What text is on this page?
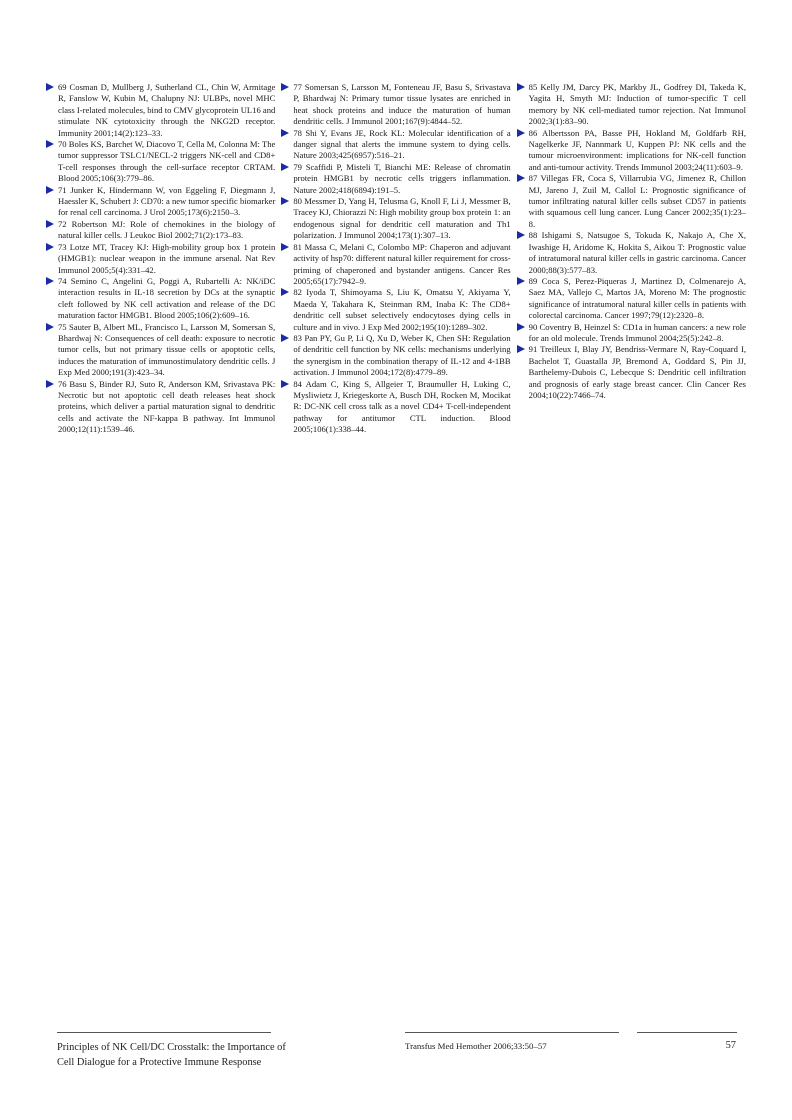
69 Cosman D, Mullberg J, Sutherland CL, Chin W, Armitage R, Fanslow W, Kubin M, Chalupny NJ: ULBPs, novel MHC class I-related molecules, bind to CMV glycoprotein UL16 and stimulate NK cytotoxicity through the NKG2D receptor. Immunity 2001;14(2):123–33.

70 Boles KS, Barchet W, Diacovo T, Cella M, Colonna M: The tumor suppressor TSLC1/NECL-2 triggers NK-cell and CD8+ T-cell responses through the cell-surface receptor CRTAM. Blood 2005;106(3):779–86.

71 Junker K, Hindermann W, von Eggeling F, Diegmann J, Haessler K, Schubert J: CD70: a new tumor specific biomarker for renal cell carcinoma. J Urol 2005;173(6):2150–3.

72 Robertson MJ: Role of chemokines in the biology of natural killer cells. J Leukoc Biol 2002;71(2):173–83.

73 Lotze MT, Tracey KJ: High-mobility group box 1 protein (HMGB1): nuclear weapon in the immune arsenal. Nat Rev Immunol 2005;5(4):331–42.

74 Semino C, Angelini G, Poggi A, Rubartelli A: NK/iDC interaction results in IL-18 secretion by DCs at the synaptic cleft followed by NK cell activation and release of the DC maturation factor HMGB1. Blood 2005;106(2):609–16.

75 Sauter B, Albert ML, Francisco L, Larsson M, Somersan S, Bhardwaj N: Consequences of cell death: exposure to necrotic tumor cells, but not primary tissue cells or apoptotic cells, induces the maturation of immunostimulatory dendritic cells. J Exp Med 2000;191(3):423–34.

76 Basu S, Binder RJ, Suto R, Anderson KM, Srivastava PK: Necrotic but not apoptotic cell death releases heat shock proteins, which deliver a partial maturation signal to dendritic cells and activate the NF-kappa B pathway. Int Immunol 2000;12(11):1539–46.

77 Somersan S, Larsson M, Fonteneau JF, Basu S, Srivastava P, Bhardwaj N: Primary tumor tissue lysates are enriched in heat shock proteins and induce the maturation of human dendritic cells. J Immunol 2001;167(9):4844–52.

78 Shi Y, Evans JE, Rock KL: Molecular identification of a danger signal that alerts the immune system to dying cells. Nature 2003;425(6957):516–21.

79 Scaffidi P, Misteli T, Bianchi ME: Release of chromatin protein HMGB1 by necrotic cells triggers inflammation. Nature 2002;418(6894):191–5.

80 Messmer D, Yang H, Telusma G, Knoll F, Li J, Messmer B, Tracey KJ, Chiorazzi N: High mobility group box protein 1: an endogenous signal for dendritic cell maturation and Th1 polarization. J Immunol 2004;173(1):307–13.

81 Massa C, Melani C, Colombo MP: Chaperon and adjuvant activity of hsp70: different natural killer requirement for cross-priming of chaperoned and bystander antigens. Cancer Res 2005;65(17):7942–9.

82 Iyoda T, Shimoyama S, Liu K, Omatsu Y, Akiyama Y, Maeda Y, Takahara K, Steinman RM, Inaba K: The CD8+ dendritic cell subset selectively endocytoses dying cells in culture and in vivo. J Exp Med 2002;195(10):1289–302.

83 Pan PY, Gu P, Li Q, Xu D, Weber K, Chen SH: Regulation of dendritic cell function by NK cells: mechanisms underlying the synergism in the combination therapy of IL-12 and 4-1BB activation. J Immunol 2004;172(8):4779–89.

84 Adam C, King S, Allgeier T, Braumuller H, Luking C, Mysliwietz J, Kriegeskorte A, Busch DH, Rocken M, Mocikat R: DC-NK cell cross talk as a novel CD4+ T-cell-independent pathway for antitumor CTL induction. Blood 2005;106(1):338–44.

85 Kelly JM, Darcy PK, Markby JL, Godfrey DI, Takeda K, Yagita H, Smyth MJ: Induction of tumor-specific T cell memory by NK cell-mediated tumor rejection. Nat Immunol 2002;3(1):83–90.

86 Albertsson PA, Basse PH, Hokland M, Goldfarb RH, Nagelkerke JF, Nannmark U, Kuppen PJ: NK cells and the tumour microenvironment: implications for NK-cell function and anti-tumour activity. Trends Immunol 2003;24(11):603–9.

87 Villegas FR, Coca S, Villarrubia VG, Jimenez R, Chillon MJ, Jareno J, Zuil M, Callol L: Prognostic significance of tumor infiltrating natural killer cells subset CD57 in patients with squamous cell lung cancer. Lung Cancer 2002;35(1):23–8.

88 Ishigami S, Natsugoe S, Tokuda K, Nakajo A, Che X, Iwashige H, Aridome K, Hokita S, Aikou T: Prognostic value of intratumoral natural killer cells in gastric carcinoma. Cancer 2000;88(3):577–83.

89 Coca S, Perez-Piqueras J, Martinez D, Colmenarejo A, Saez MA, Vallejo C, Martos JA, Moreno M: The prognostic significance of intratumoral natural killer cells in patients with colorectal carcinoma. Cancer 1997;79(12):2320–8.

90 Coventry B, Heinzel S: CD1a in human cancers: a new role for an old molecule. Trends Immunol 2004;25(5):242–8.

91 Treilleux I, Blay JY, Bendriss-Vermare N, Ray-Coquard I, Bachelot T, Guastalla JP, Bremond A, Goddard S, Pin JJ, Barthelemy-Dubois C, Lebecque S: Dendritic cell infiltration and prognosis of early stage breast cancer. Clin Cancer Res 2004;10(22):7466–74.

Principles of NK Cell/DC Crosstalk: the Importance of Cell Dialogue for a Protective Immune Response
Transfus Med Hemother 2006;33:50–57	57
